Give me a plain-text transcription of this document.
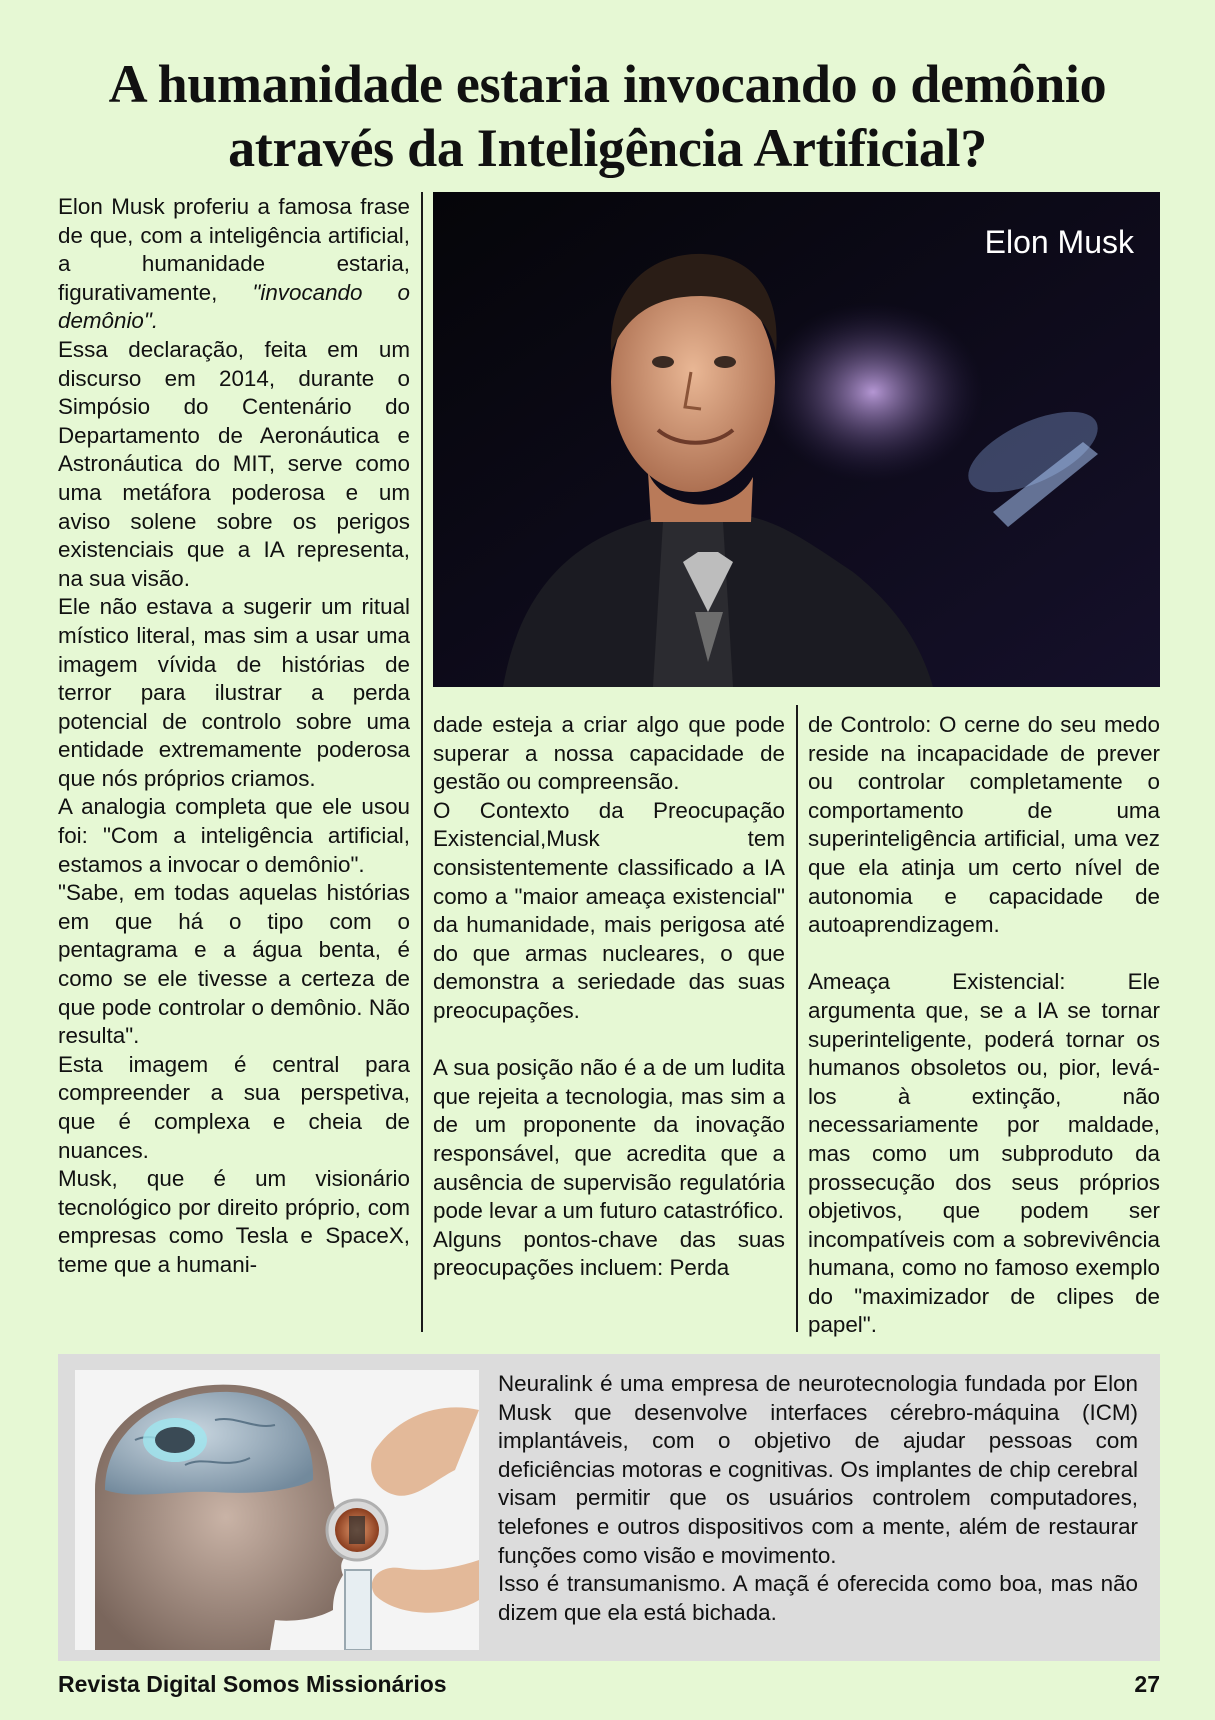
A humanidade estaria invocando o demônio
através da Inteligência Artificial?

Elon Musk proferiu a famosa frase de que, com a inteligência artificial, a humanidade estaria, figurativamente, "invocando o demônio".

Essa declaração, feita em um discurso em 2014, durante o Simpósio do Centenário do Departamento de Aeronáutica e Astronáutica do MIT, serve como uma metáfora poderosa e um aviso solene sobre os perigos existenciais que a IA representa, na sua visão.

Ele não estava a sugerir um ritual místico literal, mas sim a usar uma imagem vívida de histórias de terror para ilustrar a perda potencial de controlo sobre uma entidade extremamente poderosa que nós próprios criamos.

A analogia completa que ele usou foi: "Com a inteligência artificial, estamos a invocar o demônio".

"Sabe, em todas aquelas histórias em que há o tipo com o pentagrama e a água benta, é como se ele tivesse a certeza de que pode controlar o demônio. Não resulta".

Esta imagem é central para compreender a sua perspetiva, que é complexa e cheia de nuances.

Musk, que é um visionário tecnológico por direito próprio, com empresas como Tesla e SpaceX, teme que a humani-

Elon Musk

dade esteja a criar algo que pode superar a nossa capacidade de gestão ou compreensão.

O Contexto da Preocupação Existencial,Musk tem consistentemente classificado a IA como a "maior ameaça existencial" da humanidade, mais perigosa até do que armas nucleares, o que demonstra a seriedade das suas preocupações.

A sua posição não é a de um ludita que rejeita a tecnologia, mas sim a de um proponente da inovação responsável, que acredita que a ausência de supervisão regulatória pode levar a um futuro catastrófico.

Alguns pontos-chave das suas preocupações incluem: Perda

de Controlo: O cerne do seu medo reside na incapacidade de prever ou controlar completamente o comportamento de uma superinteligência artificial, uma vez que ela atinja um certo nível de autonomia e capacidade de autoaprendizagem.

Ameaça Existencial: Ele argumenta que, se a IA se tornar superinteligente, poderá tornar os humanos obsoletos ou, pior, levá-los à extinção, não necessariamente por maldade, mas como um subproduto da prossecução dos seus próprios objetivos, que podem ser incompatíveis com a sobrevivência humana, como no famoso exemplo do "maximizador de clipes de papel".

Neuralink é uma empresa de neurotecnologia fundada por Elon Musk que desenvolve interfaces cérebro-máquina (ICM) implantáveis, com o objetivo de ajudar pessoas com deficiências motoras e cognitivas. Os implantes de chip cerebral visam permitir que os usuários controlem computadores, telefones e outros dispositivos com a mente, além de restaurar funções como visão e movimento.

Isso é transumanismo. A maçã é oferecida como boa, mas não dizem que ela está bichada.

Revista Digital Somos Missionários	27
